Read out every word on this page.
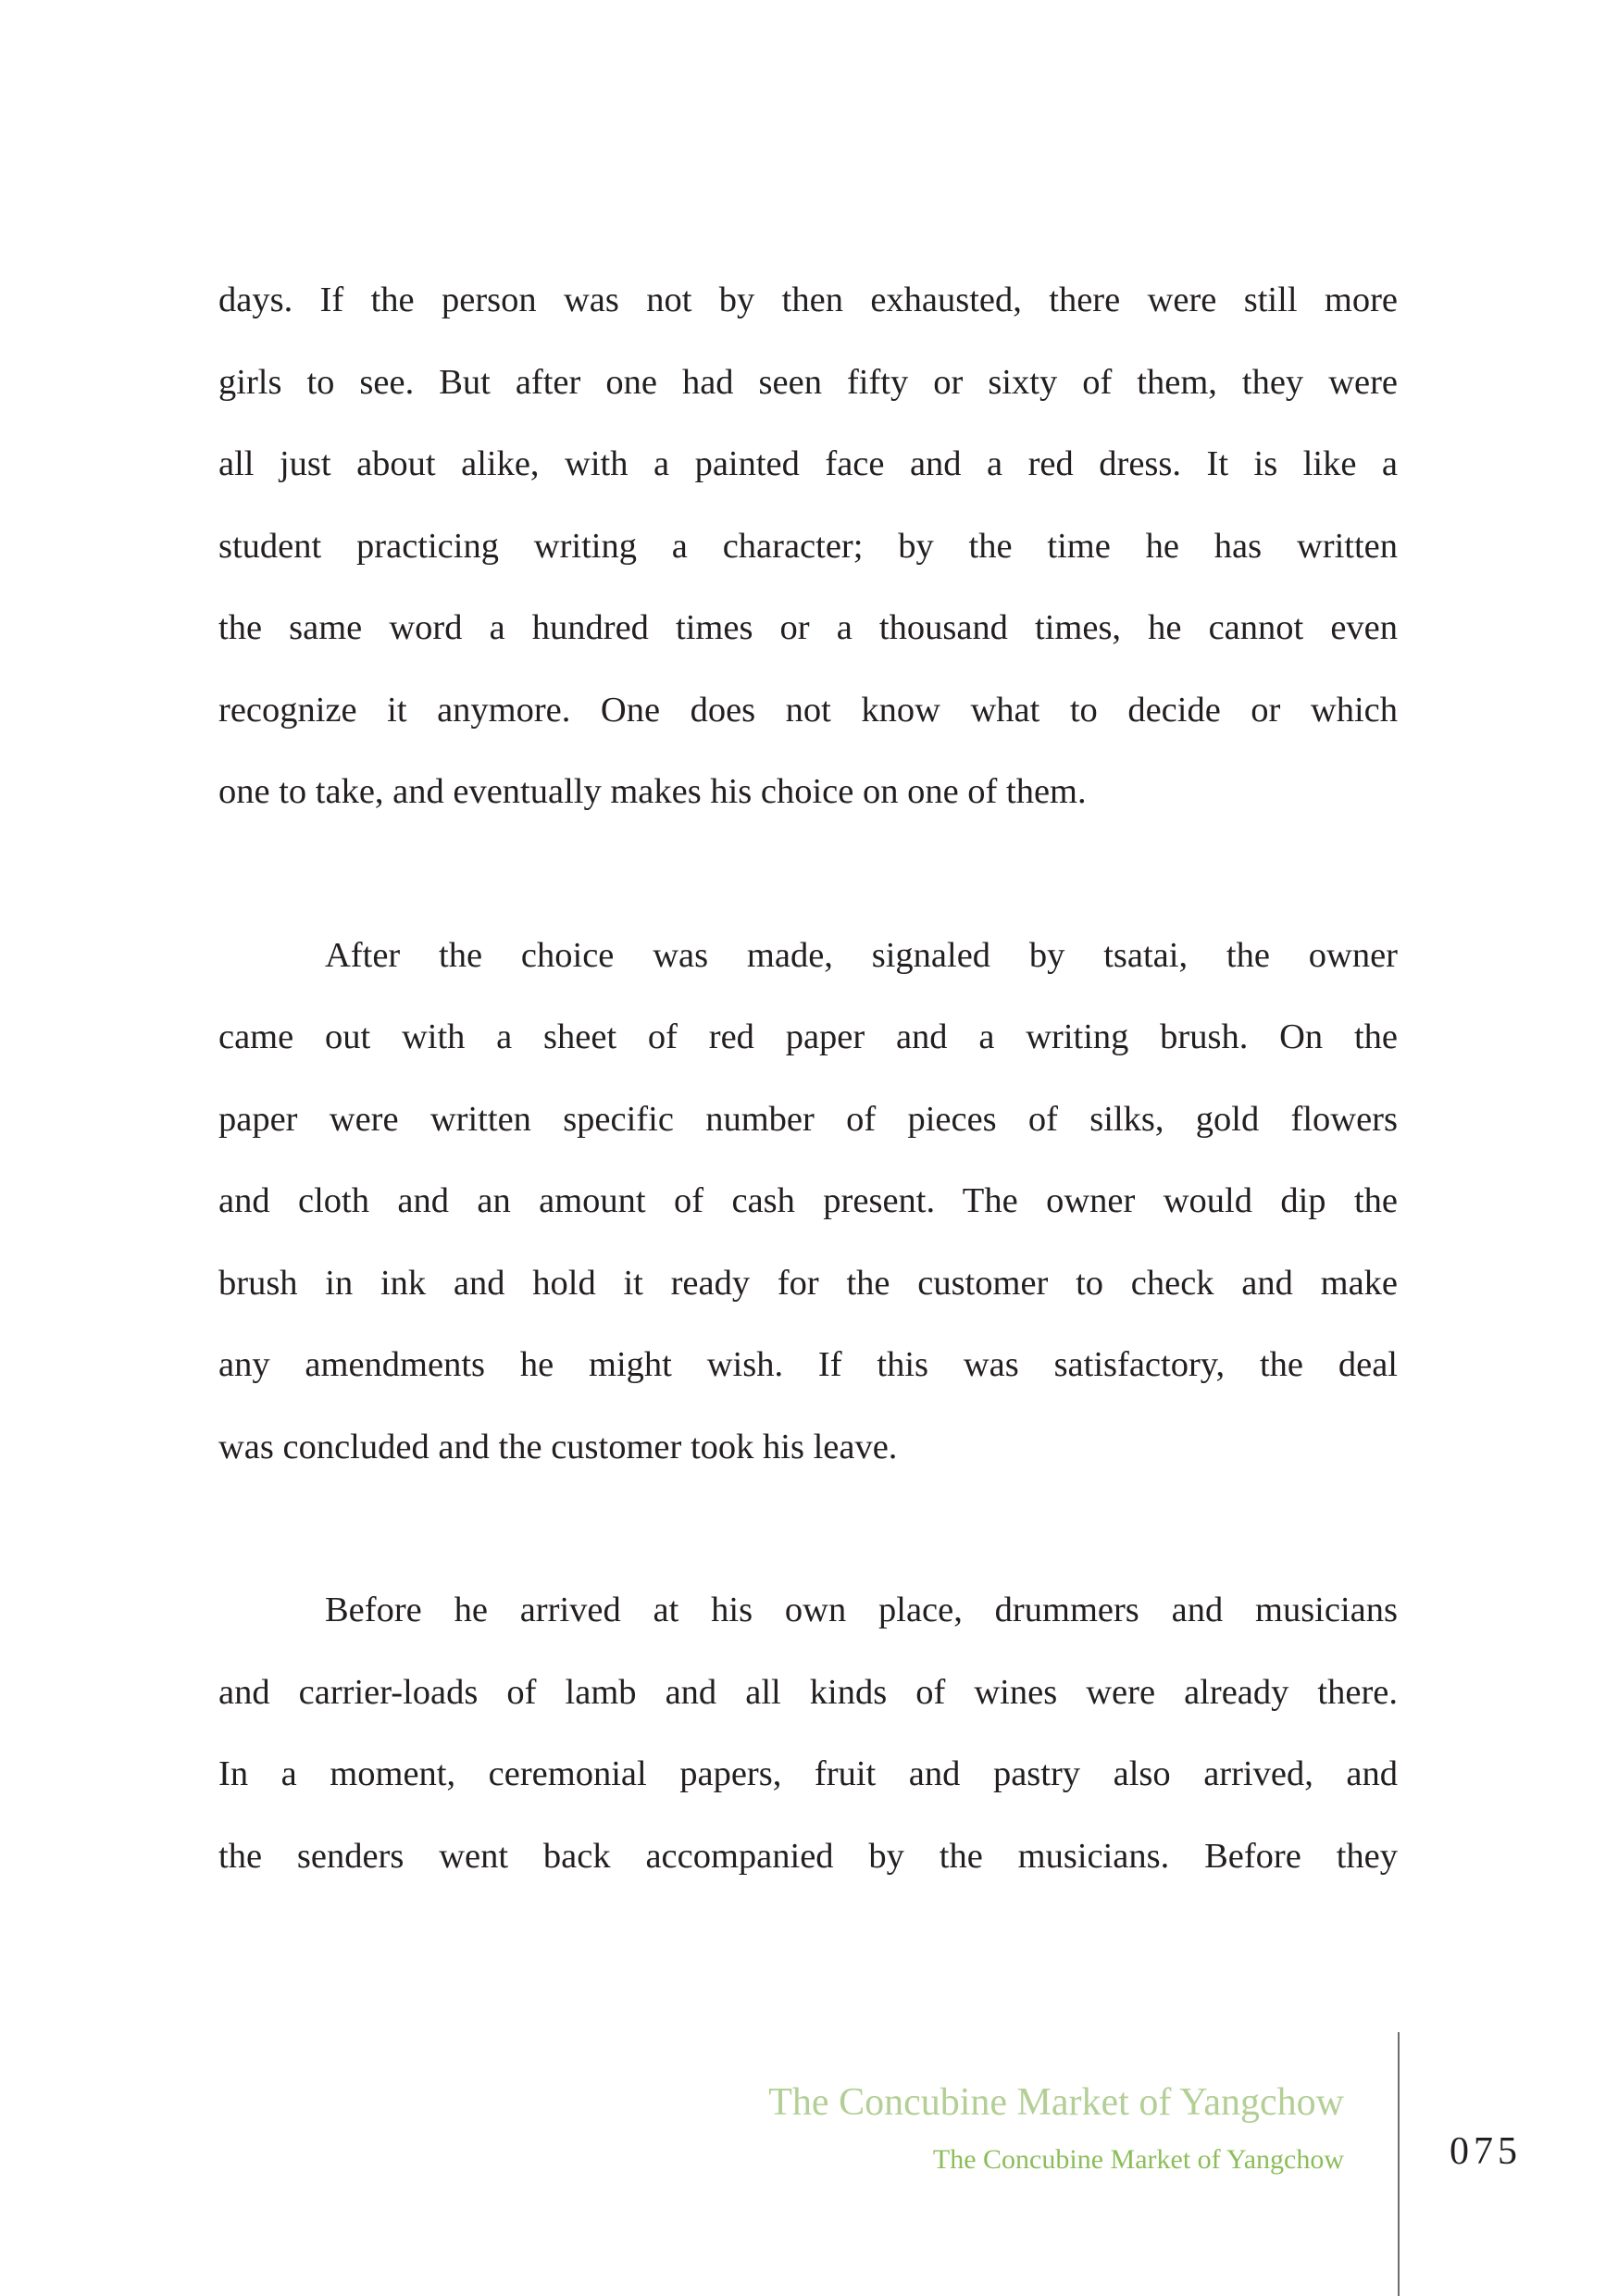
days. If the person was not by then exhausted, there were still more
girls to see. But after one had seen fifty or sixty of them, they were
all just about alike, with a painted face and a red dress. It is like a
student practicing writing a character; by the time he has written
the same word a hundred times or a thousand times, he cannot even
recognize it anymore. One does not know what to decide or which
one to take, and eventually makes his choice on one of them.
After the choice was made, signaled by tsatai, the owner
came out with a sheet of red paper and a writing brush. On the
paper were written specific number of pieces of silks, gold flowers
and cloth and an amount of cash present. The owner would dip the
brush in ink and hold it ready for the customer to check and make
any amendments he might wish. If this was satisfactory, the deal
was concluded and the customer took his leave.
Before he arrived at his own place, drummers and musicians
and carrier-loads of lamb and all kinds of wines were already there.
In a moment, ceremonial papers, fruit and pastry also arrived, and
the senders went back accompanied by the musicians. Before they
The Concubine Market of Yangchow
The Concubine Market of Yangchow	075
